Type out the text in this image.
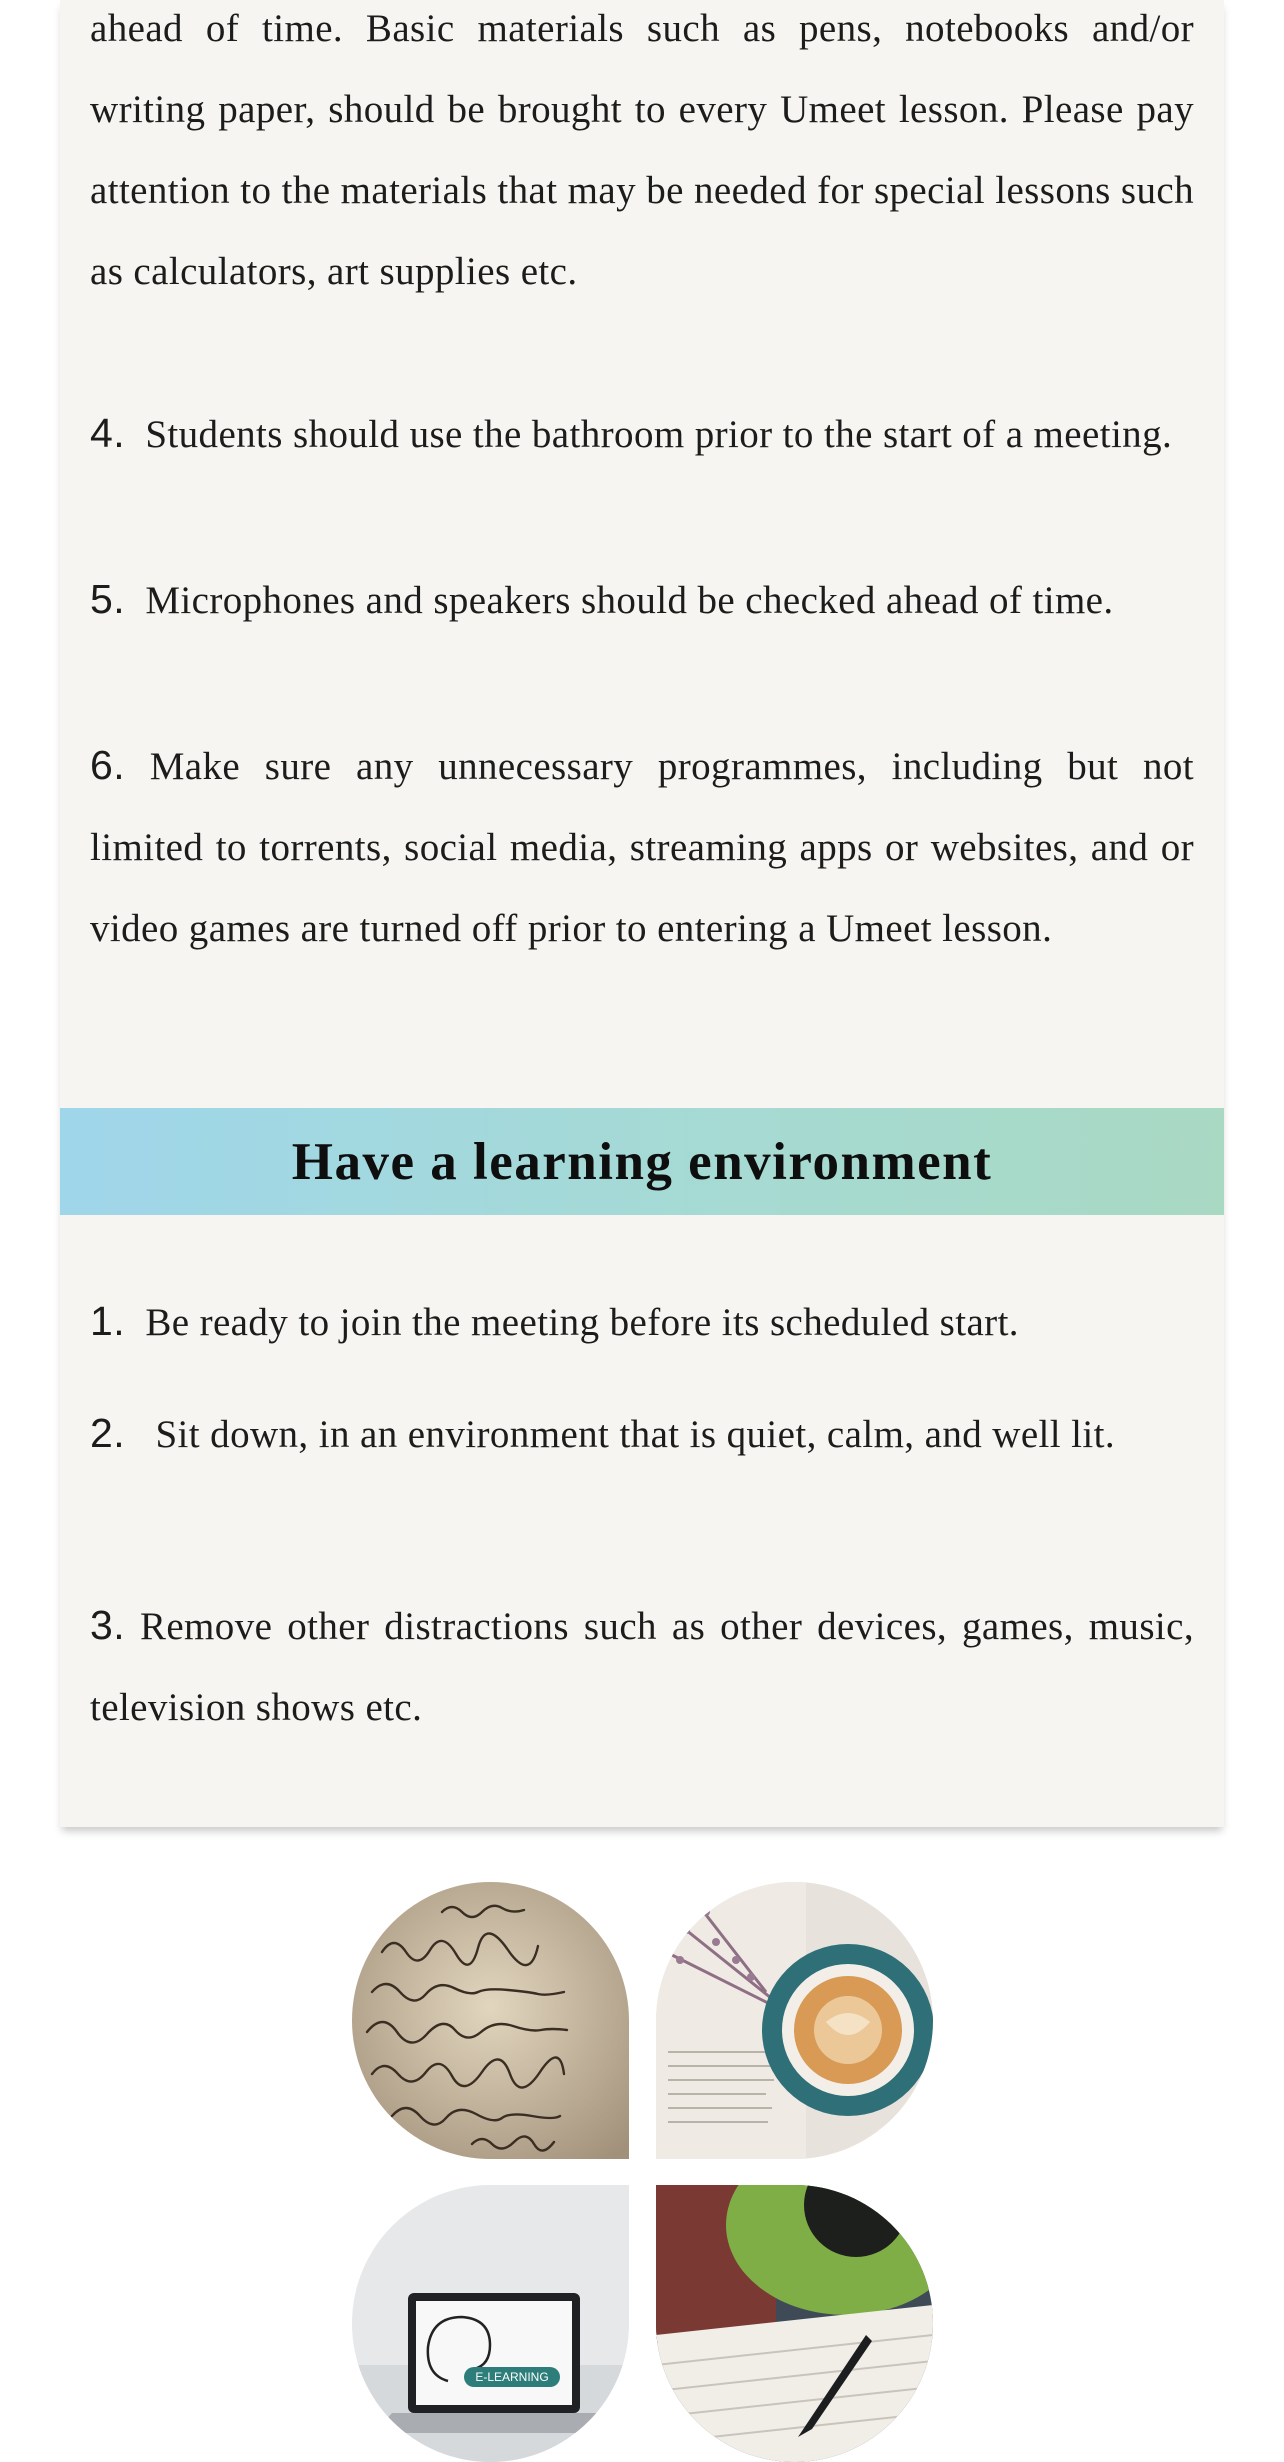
ahead of time. Basic materials such as pens, notebooks and/or writing paper, should be brought to every Umeet lesson. Please pay attention to the materials that may be needed for special lessons such as calculators, art supplies etc.

4. Students should use the bathroom prior to the start of a meeting.

5. Microphones and speakers should be checked ahead of time.

6. Make sure any unnecessary programmes, including but not limited to torrents, social media, streaming apps or websites, and or video games are turned off prior to entering a Umeet lesson.

Have a learning environment

1. Be ready to join the meeting before its scheduled start.

2. Sit down, in an environment that is quiet, calm, and well lit.

3. Remove other distractions such as other devices, games, music, television shows etc.

E-LEARNING
